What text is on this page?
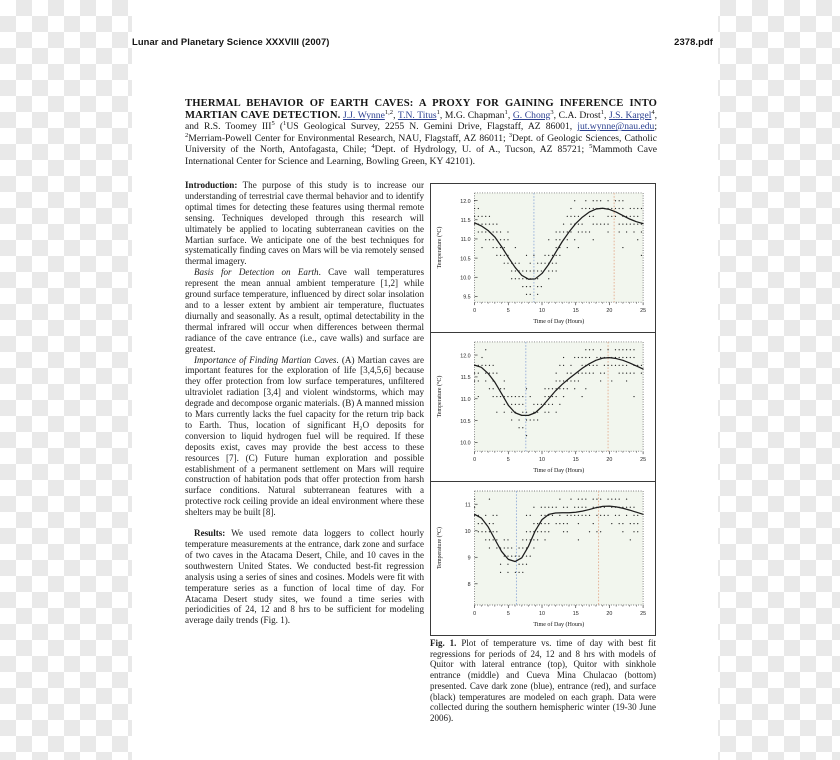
Lunar and Planetary Science XXXVIII (2007)	2378.pdf
THERMAL BEHAVIOR OF EARTH CAVES: A PROXY FOR GAINING INFERENCE INTO MARTIAN CAVE DETECTION. J.J. Wynne$^{1,2}$, T.N. Titus$^1$, M.G. Chapman$^1$, G. Chong$^3$, C.A. Drost$^1$, J.S. Kargel$^4$, and R.S. Toomey III$^5$ ($^1$US Geological Survey, 2255 N. Gemini Drive, Flagstaff, AZ 86001, jut.wynne@nau.edu; $^2$Merriam-Powell Center for Environmental Research, NAU, Flagstaff, AZ 86011; $^3$Dept. of Geologic Sciences, Catholic University of the North, Antofagasta, Chile; $^4$Dept. of Hydrology, U. of A., Tucson, AZ 85721; $^5$Mammoth Cave International Center for Science and Learning, Bowling Green, KY 42101).

Introduction: The purpose of this study is to increase our understanding of terrestrial cave thermal behavior and to identify optimal times for detecting these features using thermal remote sensing. Techniques developed through this research will ultimately be applied to locating subterranean cavities on the Martian surface. We anticipate one of the best techniques for systematically finding caves on Mars will be via remotely sensed thermal imagery.

Basis for Detection on Earth. Cave wall temperatures represent the mean annual ambient temperature [1,2] while ground surface temperature, influenced by direct solar insolation and to a lesser extent by ambient air temperature, fluctuates diurnally and seasonally. As a result, optimal detectability in the thermal infrared will occur when differences between thermal radiance of the cave entrance (i.e., cave walls) and surface are greatest.

Importance of Finding Martian Caves. (A) Martian caves are important features for the exploration of life [3,4,5,6] because they offer protection from low surface temperatures, unfiltered ultraviolet radiation [3,4] and violent windstorms, which may degrade and decompose organic materials. (B) A manned mission to Mars currently lacks the fuel capacity for the return trip back to Earth. Thus, location of significant H₂O deposits for conversion to liquid hydrogen fuel will be required. If these deposits exist, caves may provide the best access to these resources [7]. (C) Future human exploration and possible establishment of a permanent settlement on Mars will require construction of habitation pods that offer protection from harsh surface conditions. Natural subterranean features with a protective rock ceiling provide an ideal environment where these shelters may be built [8].

Results: We used remote data loggers to collect hourly temperature measurements at the entrance, dark zone and surface of two caves in the Atacama Desert, Chile, and 10 caves in the southwestern United States. We conducted best-fit regression analysis using a series of sines and cosines. Models were fit with temperature series as a function of local time of day. For Atacama Desert study sites, we found a time series with periodicities of 24, 12 and 8 hrs to be sufficient for modeling average daily trends (Fig. 1).

9.5
10.0
10.5
11.0
11.5
12.0
0	5	10	15	20	25
Time of Day (Hours)
Temperature (°C)
10.0
10.5
11.0
11.5
12.0
0	5	10	15	20	25
Time of Day (Hours)
Temperature (°C)
8
9
10
11
0	5	10	15	20	25
Time of Day (Hours)
Temperature (°C)
Fig. 1. Plot of temperature vs. time of day with best fit regressions for periods of 24, 12 and 8 hrs with models of Quitor with lateral entrance (top), Quitor with sinkhole entrance (middle) and Cueva Mina Chulacao (bottom) presented. Cave dark zone (blue), entrance (red), and surface (black) temperatures are modeled on each graph. Data were collected during the southern hemispheric winter (19-30 June 2006).
